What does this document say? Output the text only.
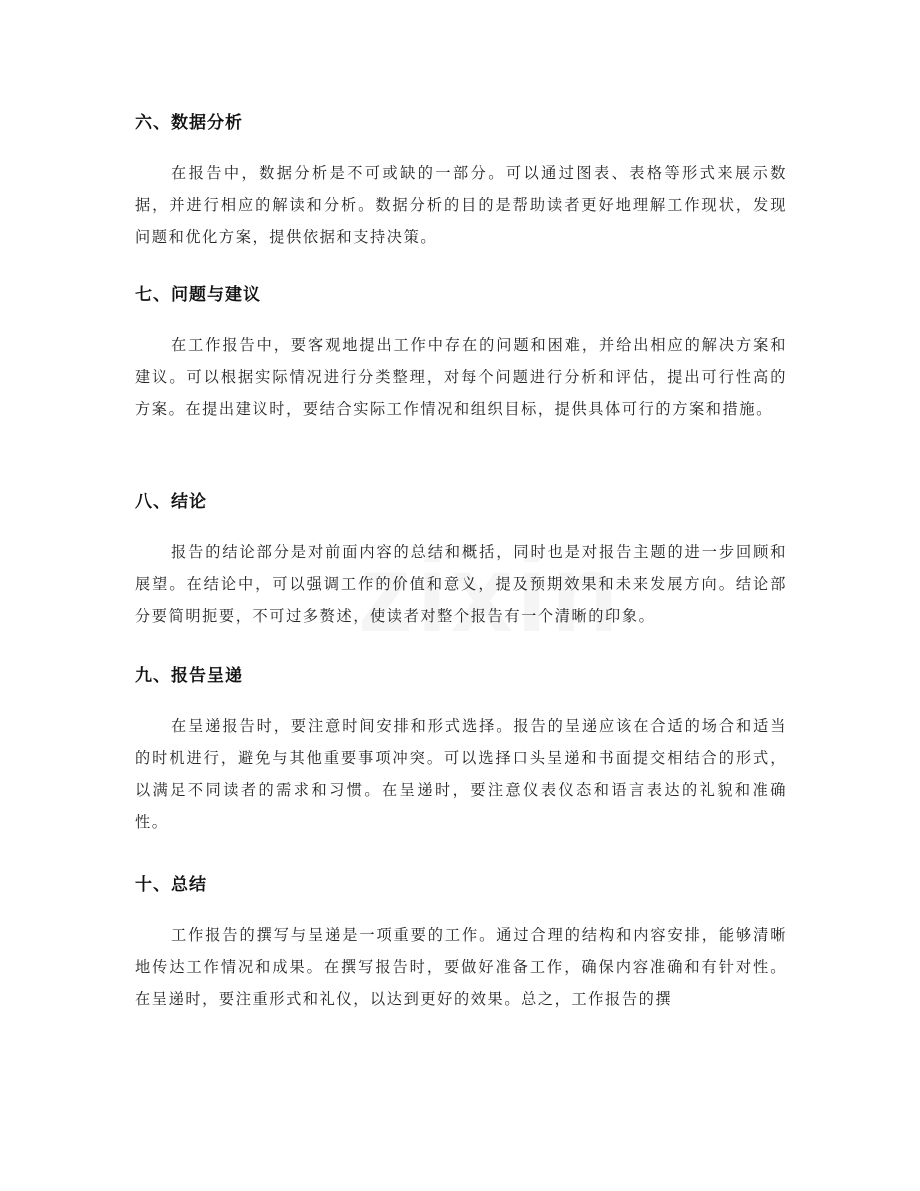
六、数据分析

在报告中，数据分析是不可或缺的一部分。可以通过图表、表格等形式来展示数据，并进行相应的解读和分析。数据分析的目的是帮助读者更好地理解工作现状，发现问题和优化方案，提供依据和支持决策。

七、问题与建议

在工作报告中，要客观地提出工作中存在的问题和困难，并给出相应的解决方案和建议。可以根据实际情况进行分类整理，对每个问题进行分析和评估，提出可行性高的方案。在提出建议时，要结合实际工作情况和组织目标，提供具体可行的方案和措施。

八、结论

报告的结论部分是对前面内容的总结和概括，同时也是对报告主题的进一步回顾和展望。在结论中，可以强调工作的价值和意义，提及预期效果和未来发展方向。结论部分要简明扼要，不可过多赘述，使读者对整个报告有一个清晰的印象。

九、报告呈递

在呈递报告时，要注意时间安排和形式选择。报告的呈递应该在合适的场合和适当的时机进行，避免与其他重要事项冲突。可以选择口头呈递和书面提交相结合的形式，以满足不同读者的需求和习惯。在呈递时，要注意仪表仪态和语言表达的礼貌和准确性。

十、总结

工作报告的撰写与呈递是一项重要的工作。通过合理的结构和内容安排，能够清晰地传达工作情况和成果。在撰写报告时，要做好准备工作，确保内容准确和有针对性。在呈递时，要注重形式和礼仪，以达到更好的效果。总之，工作报告的撰
